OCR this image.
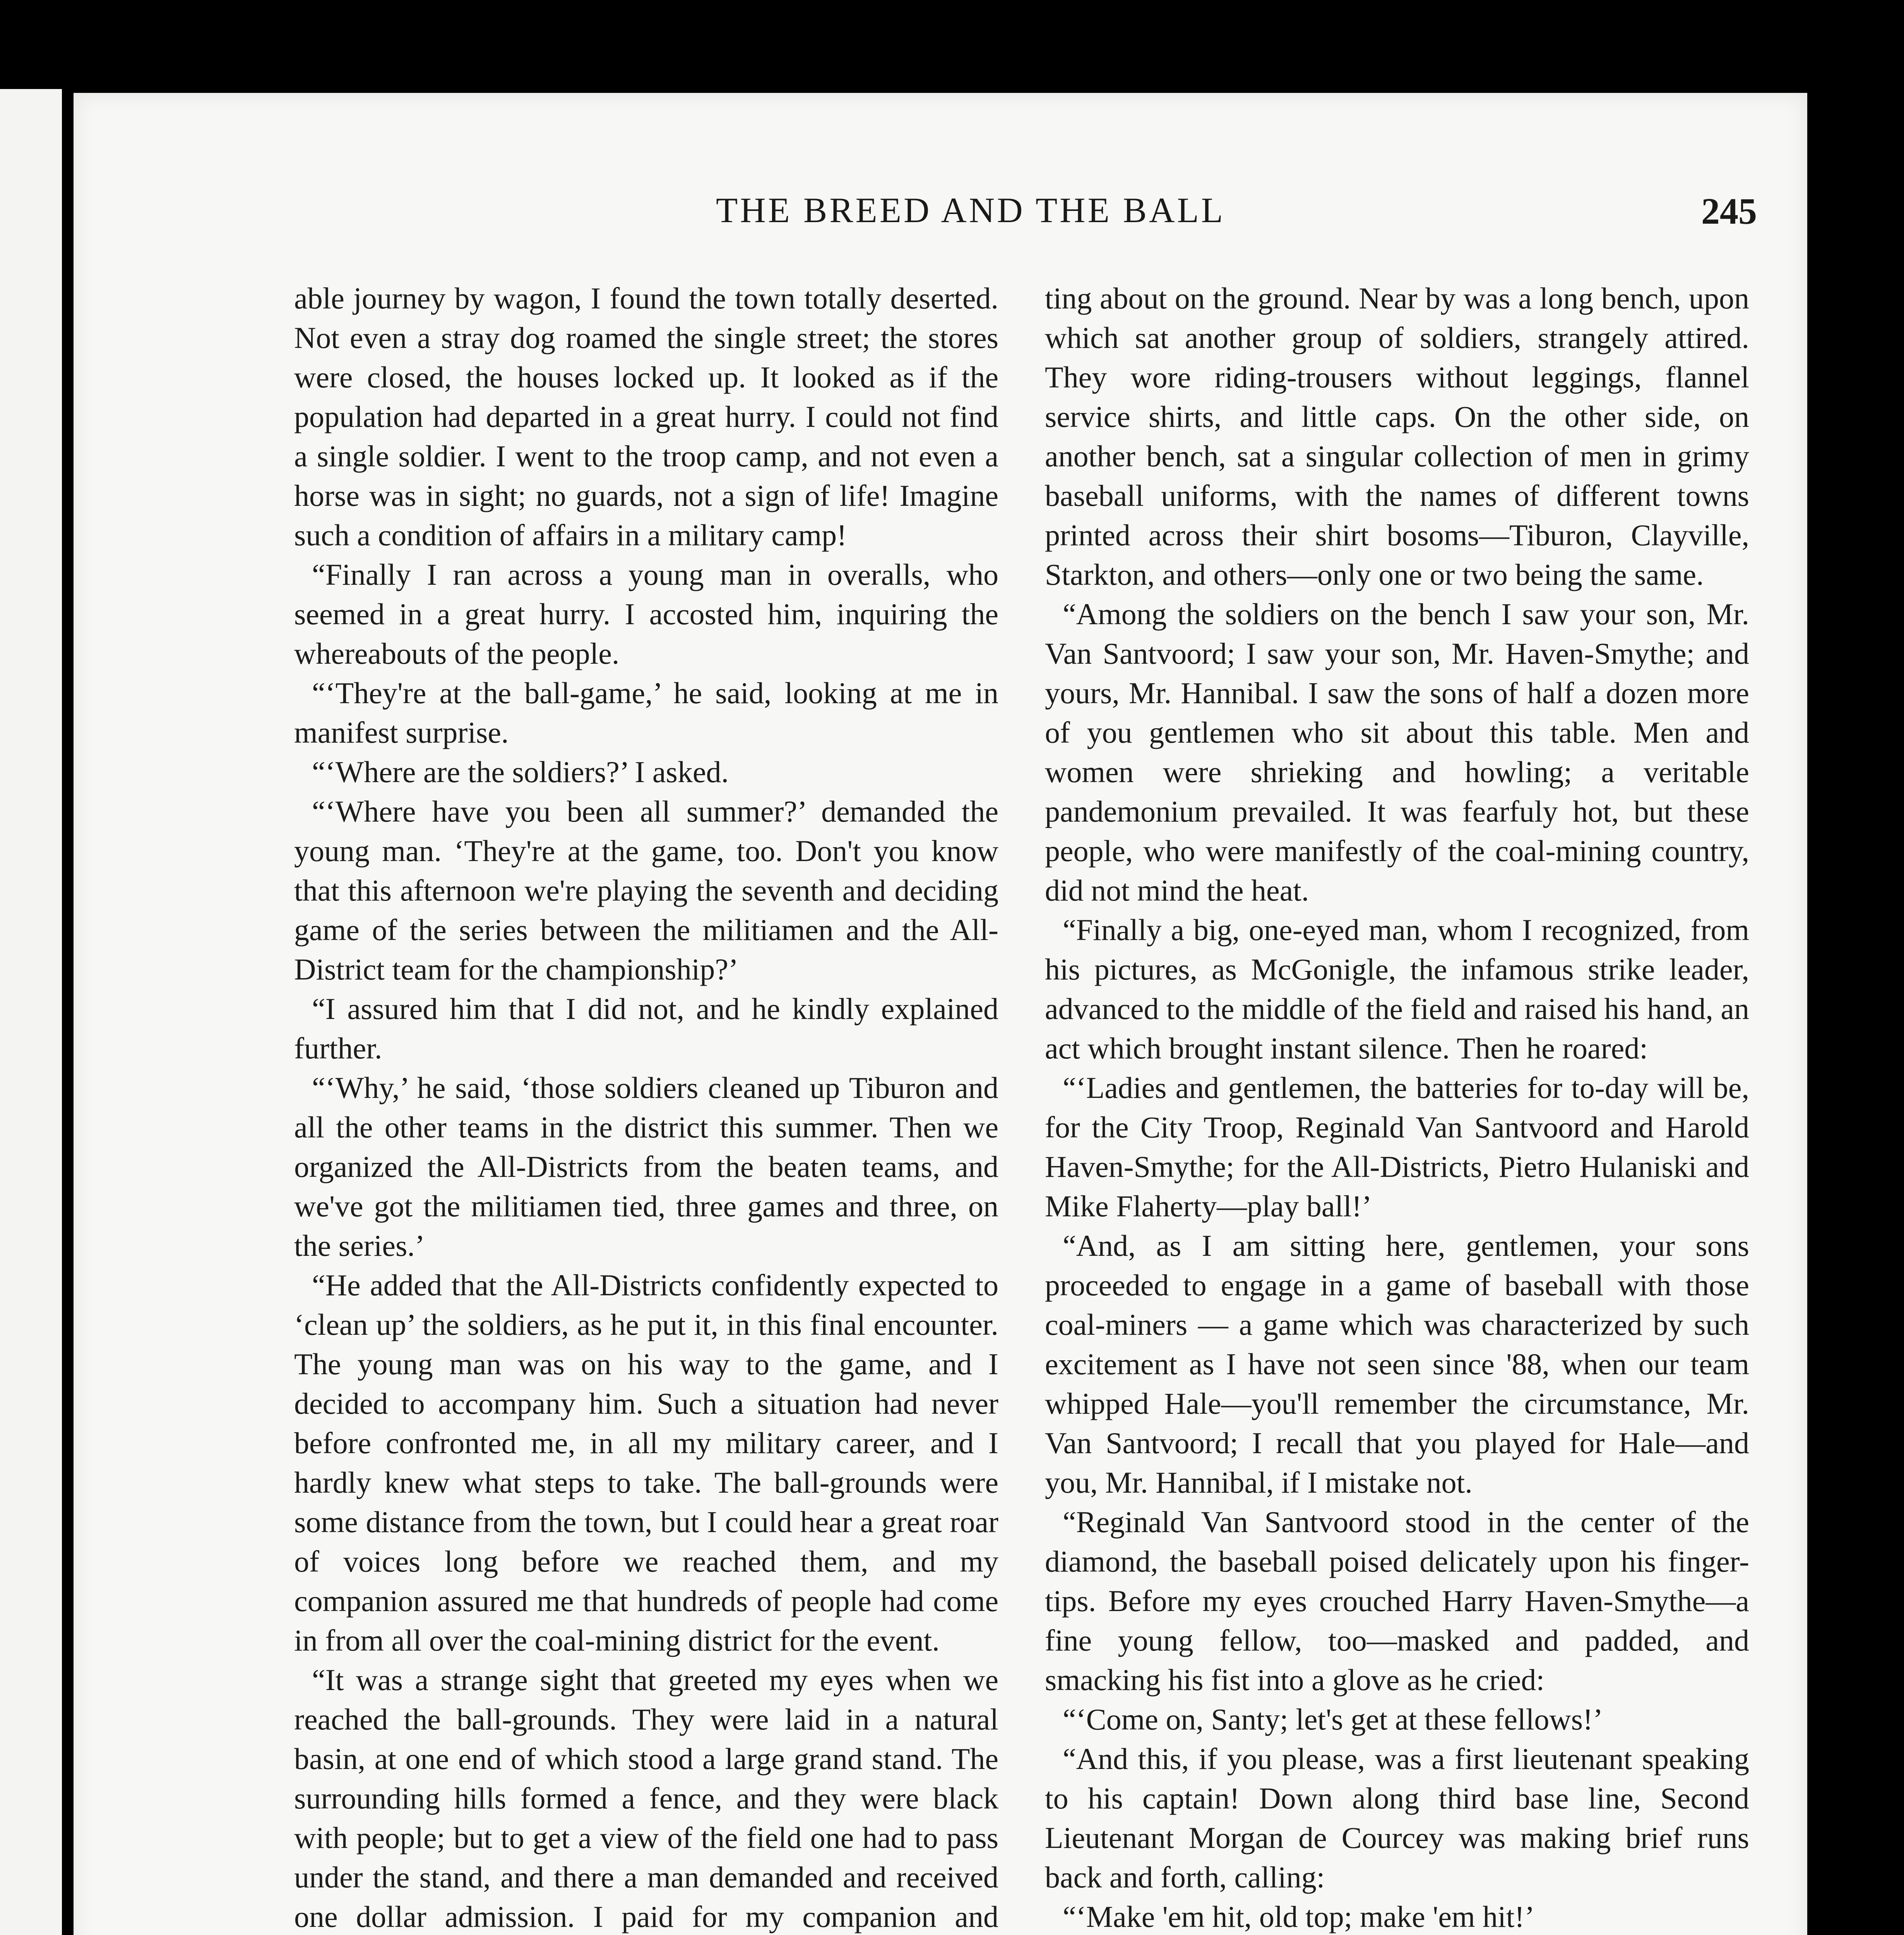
THE BREED AND THE BALL	245

able journey by wagon, I found the town totally deserted. Not even a stray dog roamed the single street; the stores were closed, the houses locked up. It looked as if the population had departed in a great hurry. I could not find a single soldier. I went to the troop camp, and not even a horse was in sight; no guards, not a sign of life! Imagine such a condition of affairs in a military camp!

“Finally I ran across a young man in overalls, who seemed in a great hurry. I accosted him, inquiring the whereabouts of the people.

“‘They're at the ball-game,’ he said, looking at me in manifest surprise.

“‘Where are the soldiers?’ I asked.

“‘Where have you been all summer?’ demanded the young man. ‘They're at the game, too. Don't you know that this afternoon we're playing the seventh and deciding game of the series between the militiamen and the All-District team for the championship?’

“I assured him that I did not, and he kindly explained further.

“‘Why,’ he said, ‘those soldiers cleaned up Tiburon and all the other teams in the district this summer. Then we organized the All-Districts from the beaten teams, and we've got the militiamen tied, three games and three, on the series.’

“He added that the All-Districts confidently expected to ‘clean up’ the soldiers, as he put it, in this final encounter. The young man was on his way to the game, and I decided to accompany him. Such a situation had never before confronted me, in all my military career, and I hardly knew what steps to take. The ball-grounds were some distance from the town, but I could hear a great roar of voices long before we reached them, and my companion assured me that hundreds of people had come in from all over the coal-mining district for the event.

“It was a strange sight that greeted my eyes when we reached the ball-grounds. They were laid in a natural basin, at one end of which stood a large grand stand. The surrounding hills formed a fence, and they were black with people; but to get a view of the field one had to pass under the stand, and there a man demanded and received one dollar admission. I paid for my companion and

ting about on the ground. Near by was a long bench, upon which sat another group of soldiers, strangely attired. They wore riding-trousers without leggings, flannel service shirts, and little caps. On the other side, on another bench, sat a singular collection of men in grimy baseball uniforms, with the names of different towns printed across their shirt bosoms—Tiburon, Clayville, Starkton, and others—only one or two being the same.

“Among the soldiers on the bench I saw your son, Mr. Van Santvoord; I saw your son, Mr. Haven-Smythe; and yours, Mr. Hannibal. I saw the sons of half a dozen more of you gentlemen who sit about this table. Men and women were shrieking and howling; a veritable pandemonium prevailed. It was fearfuly hot, but these people, who were manifestly of the coal-mining country, did not mind the heat.

“Finally a big, one-eyed man, whom I recognized, from his pictures, as McGonigle, the infamous strike leader, advanced to the middle of the field and raised his hand, an act which brought instant silence. Then he roared:

“‘Ladies and gentlemen, the batteries for to-day will be, for the City Troop, Reginald Van Santvoord and Harold Haven-Smythe; for the All-Districts, Pietro Hulaniski and Mike Flaherty—play ball!’

“And, as I am sitting here, gentlemen, your sons proceeded to engage in a game of baseball with those coal-miners — a game which was characterized by such excitement as I have not seen since '88, when our team whipped Hale—you'll remember the circumstance, Mr. Van Santvoord; I recall that you played for Hale—and you, Mr. Hannibal, if I mistake not.

“Reginald Van Santvoord stood in the center of the diamond, the baseball poised delicately upon his finger-tips. Before my eyes crouched Harry Haven-Smythe—a fine young fellow, too—masked and padded, and smacking his fist into a glove as he cried:

“‘Come on, Santy; let's get at these fellows!’

“And this, if you please, was a first lieutenant speaking to his captain! Down along third base line, Second Lieutenant Morgan de Courcey was making brief runs back and forth, calling:

“‘Make 'em hit, old top; make 'em hit!’
